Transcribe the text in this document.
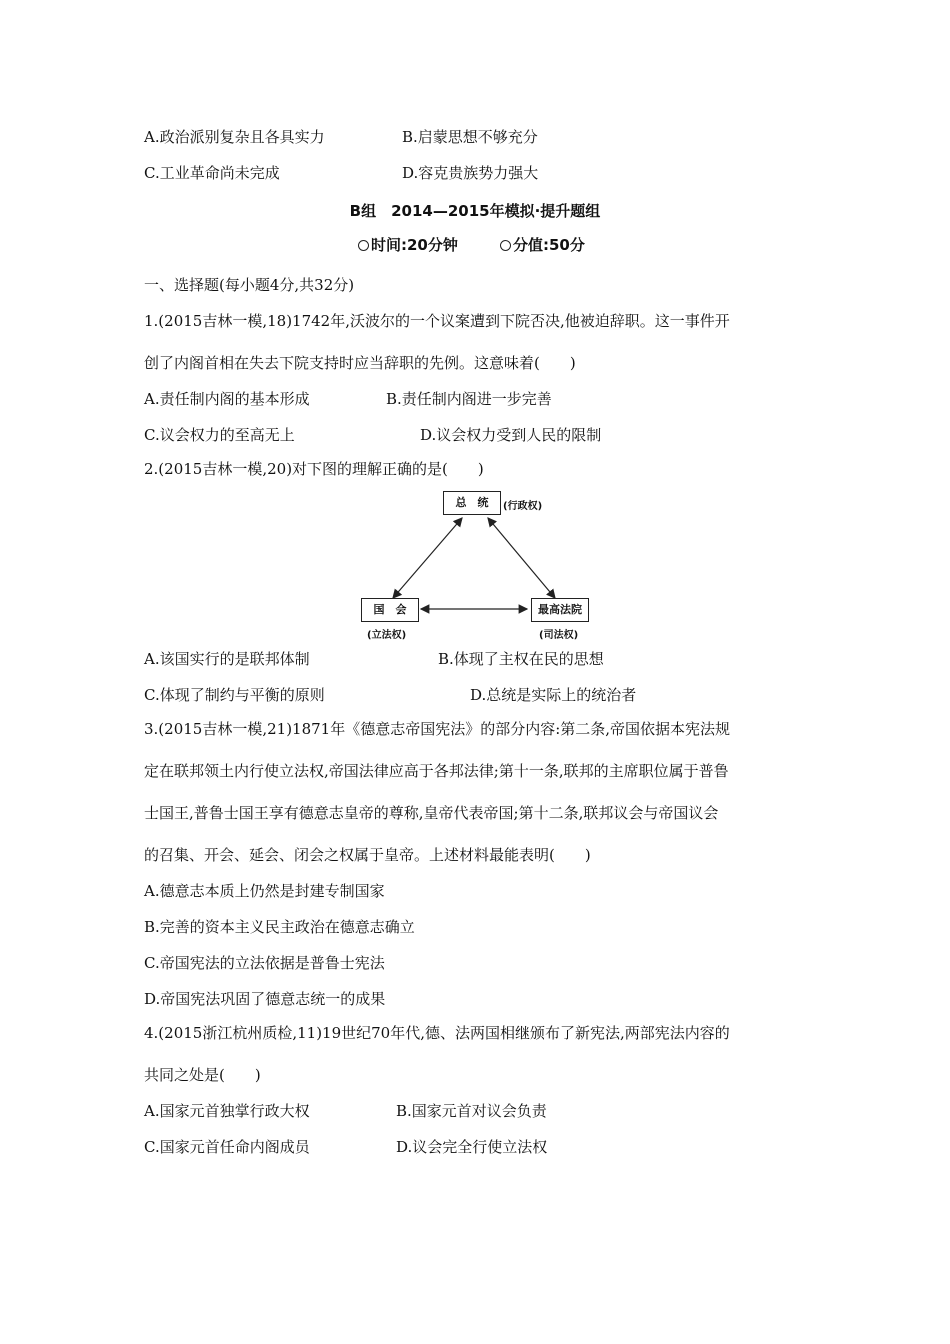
A.政治派别复杂且各具实力	B.启蒙思想不够充分
C.工业革命尚未完成	D.容克贵族势力强大
B组　2014—2015年模拟·提升题组
时间:20分钟	分值:50分
一、选择题(每小题4分,共32分)
1.(2015吉林一模,18)1742年,沃波尔的一个议案遭到下院否决,他被迫辞职。这一事件开
创了内阁首相在失去下院支持时应当辞职的先例。这意味着(　　)
A.责任制内阁的基本形成	B.责任制内阁进一步完善
C.议会权力的至高无上	D.议会权力受到人民的限制
2.(2015吉林一模,20)对下图的理解正确的是(　　)
总　统	(行政权)
国　会
(立法权)
最高法院
(司法权)
A.该国实行的是联邦体制	B.体现了主权在民的思想
C.体现了制约与平衡的原则	D.总统是实际上的统治者
3.(2015吉林一模,21)1871年《德意志帝国宪法》的部分内容:第二条,帝国依据本宪法规
定在联邦领土内行使立法权,帝国法律应高于各邦法律;第十一条,联邦的主席职位属于普鲁
士国王,普鲁士国王享有德意志皇帝的尊称,皇帝代表帝国;第十二条,联邦议会与帝国议会
的召集、开会、延会、闭会之权属于皇帝。上述材料最能表明(　　)
A.德意志本质上仍然是封建专制国家
B.完善的资本主义民主政治在德意志确立
C.帝国宪法的立法依据是普鲁士宪法
D.帝国宪法巩固了德意志统一的成果
4.(2015浙江杭州质检,11)19世纪70年代,德、法两国相继颁布了新宪法,两部宪法内容的
共同之处是(　　)
A.国家元首独掌行政大权	B.国家元首对议会负责
C.国家元首任命内阁成员	D.议会完全行使立法权
